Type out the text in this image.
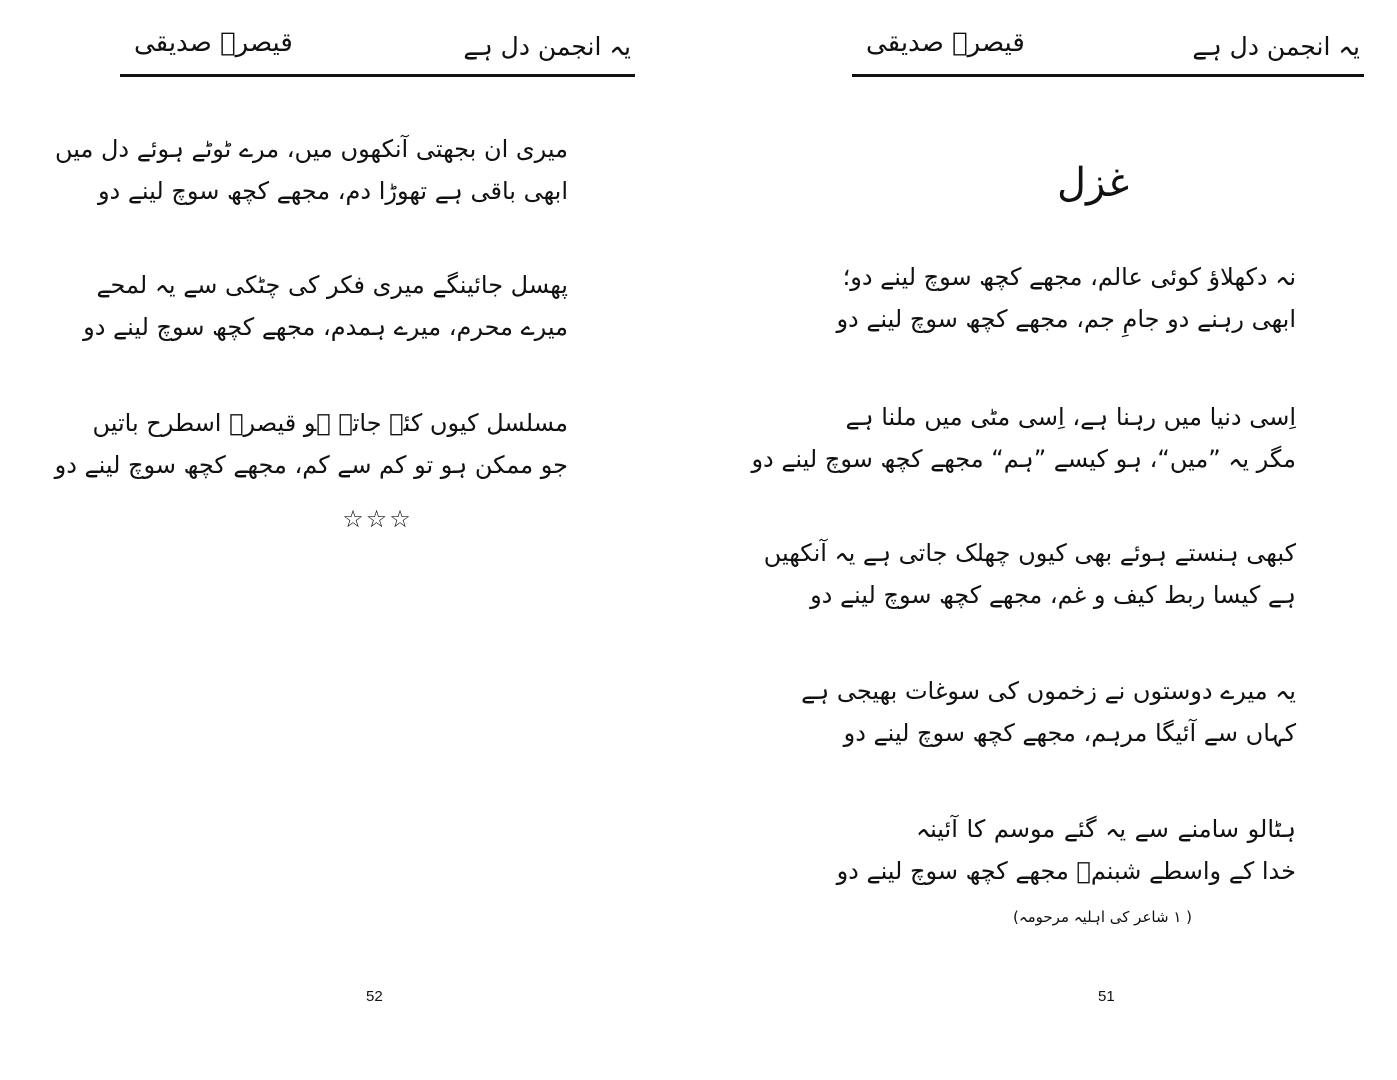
یہ انجمن دل ہے
قیصرؔ صدیقی
میری ان بجھتی آنکھوں میں، مرے ٹوٹے ہوئے دل میں
ابھی باقی ہے تھوڑا دم، مجھے کچھ سوچ لینے دو
پھسل جائینگے میری فکر کی چٹکی سے یہ لمحے
میرے محرم، میرے ہمدم، مجھے کچھ سوچ لینے دو
مسلسل کیوں کئے جاتے ہو قیصرؔ اسطرح باتیں
جو ممکن ہو تو کم سے کم، مجھے کچھ سوچ لینے دو
☆☆☆
52
یہ انجمن دل ہے
قیصرؔ صدیقی
غزل
نہ دکھلاؤ کوئی عالم، مجھے کچھ سوچ لینے دو؛
ابھی رہنے دو جامِ جم، مجھے کچھ سوچ لینے دو
اِسی دنیا میں رہنا ہے، اِسی مٹی میں ملنا ہے
مگر یہ ”میں“، ہو کیسے ”ہم“ مجھے کچھ سوچ لینے دو
کبھی ہنستے ہوئے بھی کیوں چھلک جاتی ہے یہ آنکھیں
ہے کیسا ربط کیف و غم، مجھے کچھ سوچ لینے دو
یہ میرے دوستوں نے زخموں کی سوغات بھیجی ہے
کہاں سے آئیگا مرہم، مجھے کچھ سوچ لینے دو
ہٹالو سامنے سے یہ گئے موسم کا آئینہ
خدا کے واسطے شبنمؔ مجھے کچھ سوچ لینے دو
( ۱ شاعر کی اہلیہ مرحومہ)
51
